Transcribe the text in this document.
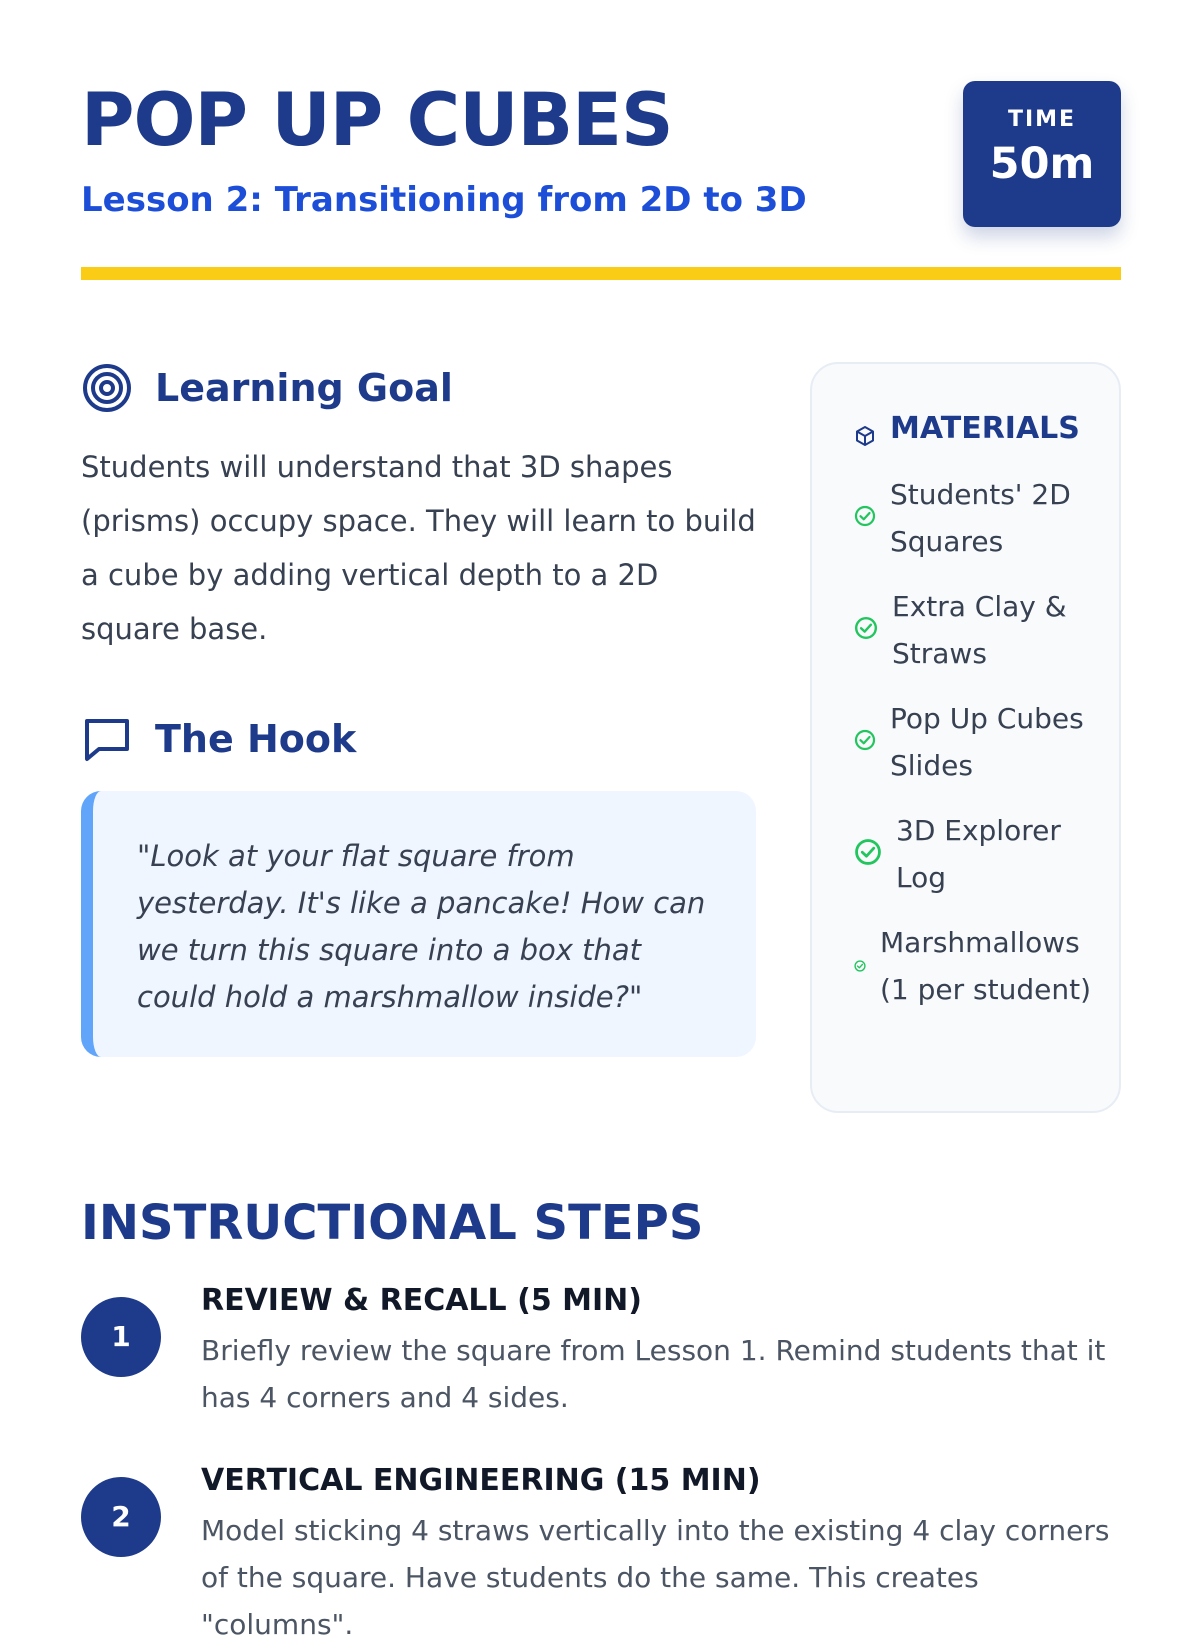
POP UP CUBES
Lesson 2: Transitioning from 2D to 3D
TIME
50m
Learning Goal

Students will understand that 3D shapes (prisms) occupy space. They will learn to build a cube by adding vertical depth to a 2D square base.

The Hook

"Look at your flat square from yesterday. It's like a pancake! How can we turn this square into a box that could hold a marshmallow inside?"

MATERIALS
Students' 2D Squares
Extra Clay & Straws
Pop Up Cubes Slides
3D Explorer Log
Marshmallows (1 per student)
INSTRUCTIONAL STEPS
1
REVIEW & RECALL (5 MIN)

Briefly review the square from Lesson 1. Remind students that it has 4 corners and 4 sides.

2
VERTICAL ENGINEERING (15 MIN)

Model sticking 4 straws vertically into the existing 4 clay corners of the square. Have students do the same. This creates "columns".
